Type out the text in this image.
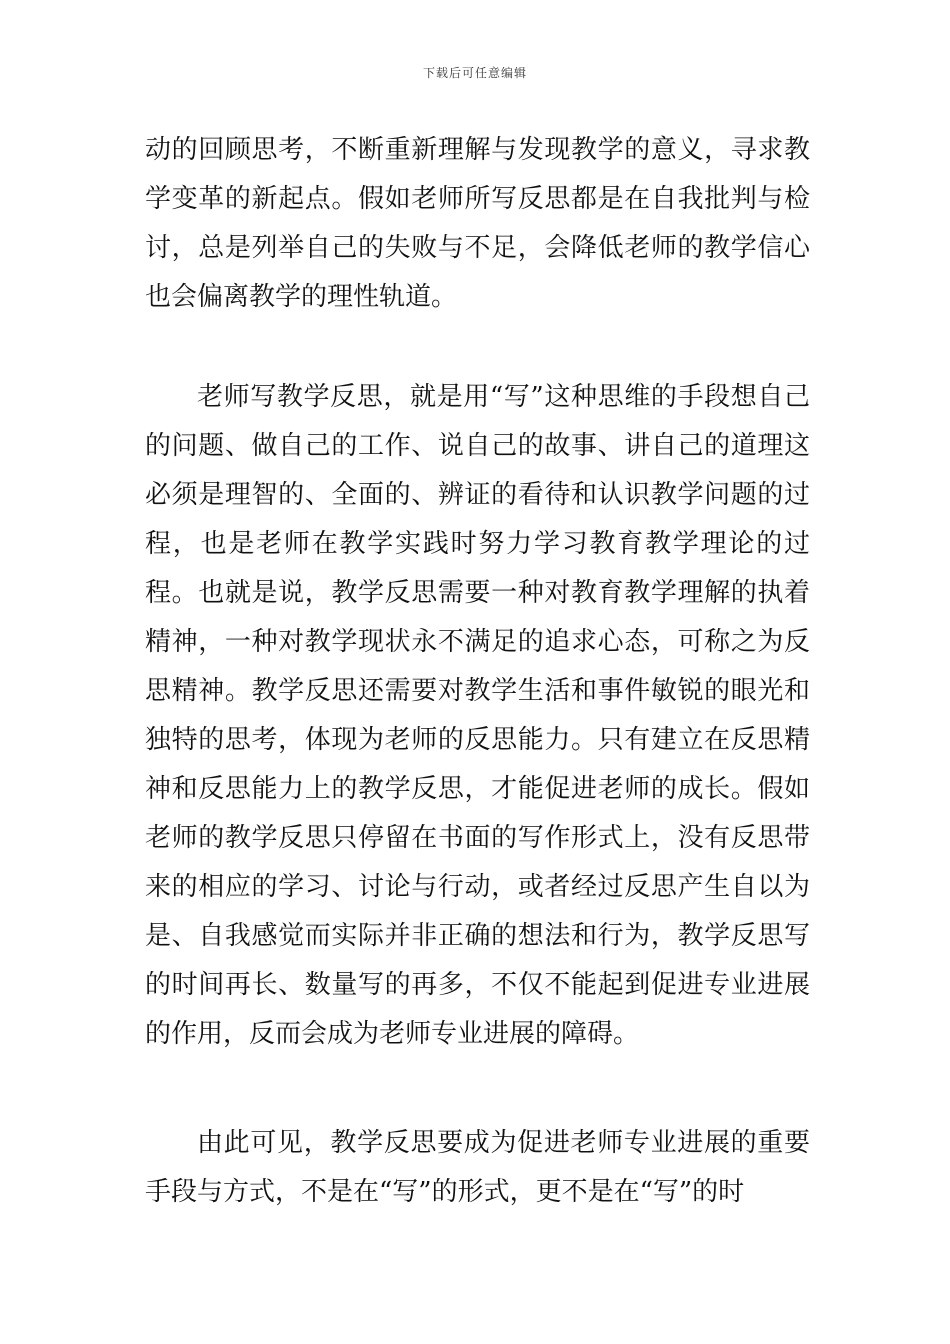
下载后可任意编辑

动的回顾思考，不断重新理解与发现教学的意义，寻求教学变革的新起点。假如老师所写反思都是在自我批判与检讨，总是列举自己的失败与不足，会降低老师的教学信心也会偏离教学的理性轨道。

老师写教学反思，就是用“写”这种思维的手段想自己的问题、做自己的工作、说自己的故事、讲自己的道理这必须是理智的、全面的、辨证的看待和认识教学问题的过程，也是老师在教学实践时努力学习教育教学理论的过程。也就是说，教学反思需要一种对教育教学理解的执着精神，一种对教学现状永不满足的追求心态，可称之为反思精神。教学反思还需要对教学生活和事件敏锐的眼光和独特的思考，体现为老师的反思能力。只有建立在反思精神和反思能力上的教学反思，才能促进老师的成长。假如老师的教学反思只停留在书面的写作形式上，没有反思带来的相应的学习、讨论与行动，或者经过反思产生自以为是、自我感觉而实际并非正确的想法和行为，教学反思写的时间再长、数量写的再多，不仅不能起到促进专业进展的作用，反而会成为老师专业进展的障碍。

由此可见，教学反思要成为促进老师专业进展的重要手段与方式，不是在“写”的形式，更不是在“写”的时
